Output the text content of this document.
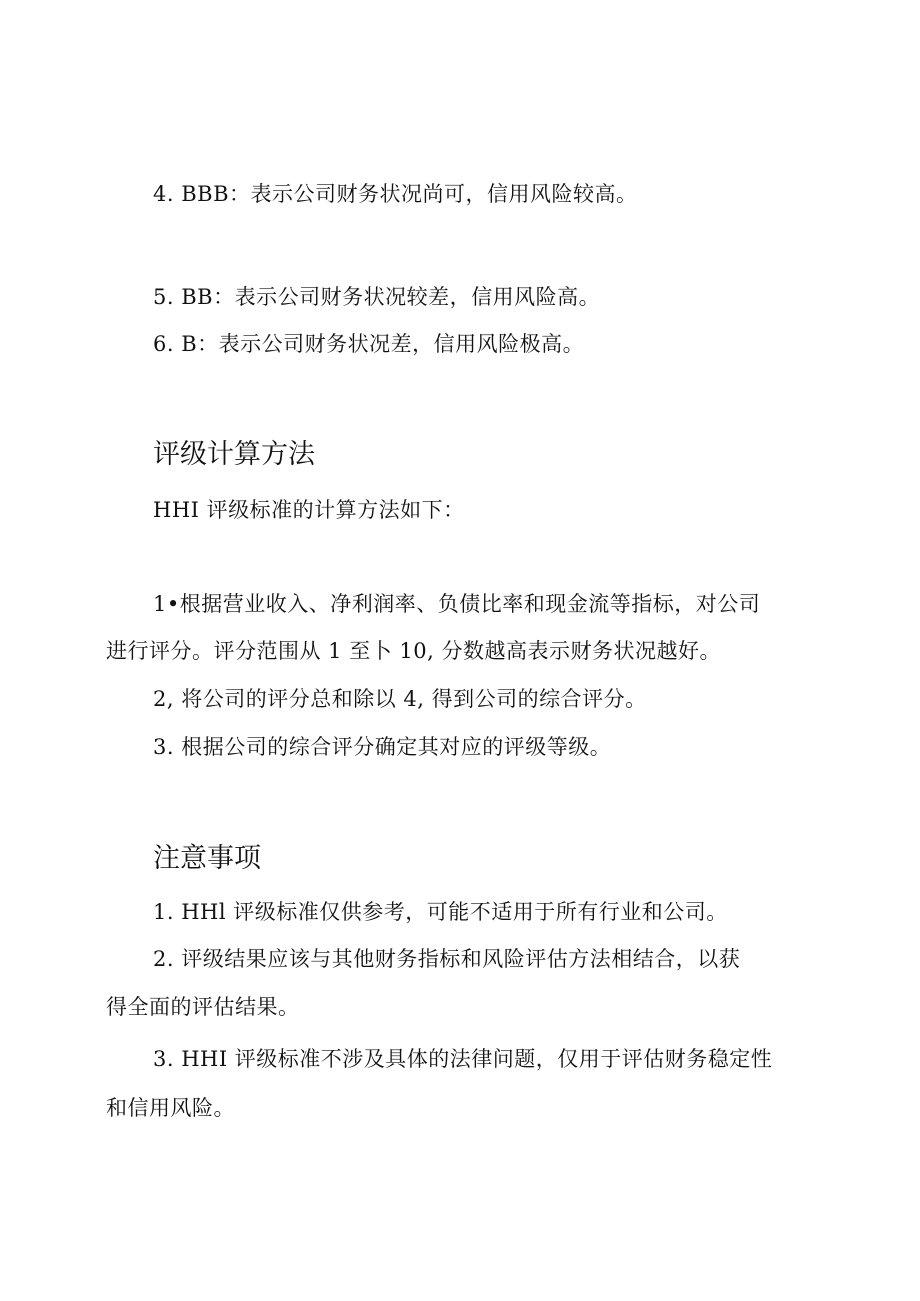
4. BBB：表示公司财务状况尚可，信用风险较高。
5. BB：表示公司财务状况较差，信用风险高。
6. B：表示公司财务状况差，信用风险极高。
评级计算方法
HHI 评级标准的计算方法如下：
1•根据营业收入、净利润率、负债比率和现金流等指标，对公司
进行评分。评分范围从 1 至卜 10, 分数越高表示财务状况越好。
2, 将公司的评分总和除以 4, 得到公司的综合评分。
3. 根据公司的综合评分确定其对应的评级等级。
注意事项
1. HHl 评级标准仅供参考，可能不适用于所有行业和公司。
2. 评级结果应该与其他财务指标和风险评估方法相结合，以获
得全面的评估结果。
3. HHI 评级标准不涉及具体的法律问题，仅用于评估财务稳定性
和信用风险。
